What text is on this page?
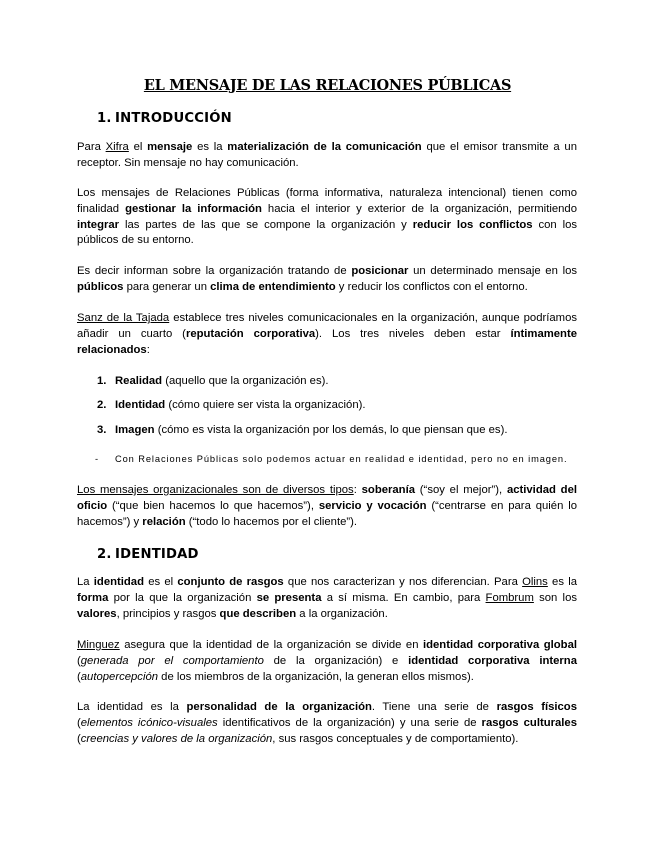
EL MENSAJE DE LAS RELACIONES PÚBLICAS
1. INTRODUCCIÓN

Para Xifra el mensaje es la materialización de la comunicación que el emisor transmite a un receptor. Sin mensaje no hay comunicación.

Los mensajes de Relaciones Públicas (forma informativa, naturaleza intencional) tienen como finalidad gestionar la información hacia el interior y exterior de la organización, permitiendo integrar las partes de las que se compone la organización y reducir los conflictos con los públicos de su entorno.

Es decir informan sobre la organización tratando de posicionar un determinado mensaje en los públicos para generar un clima de entendimiento y reducir los conflictos con el entorno.

Sanz de la Tajada establece tres niveles comunicacionales en la organización, aunque podríamos añadir un cuarto (reputación corporativa). Los tres niveles deben estar íntimamente relacionados:

1. Realidad (aquello que la organización es).
2. Identidad (cómo quiere ser vista la organización).
3. Imagen (cómo es vista la organización por los demás, lo que piensan que es).

- Con Relaciones Públicas solo podemos actuar en realidad e identidad, pero no en imagen.

Los mensajes organizacionales son de diversos tipos: soberanía (“soy el mejor”), actividad del oficio (“que bien hacemos lo que hacemos”), servicio y vocación (“centrarse en para quién lo hacemos”) y relación (“todo lo hacemos por el cliente”).

2. IDENTIDAD

La identidad es el conjunto de rasgos que nos caracterizan y nos diferencian. Para Olins es la forma por la que la organización se presenta a sí misma. En cambio, para Fombrum son los valores, principios y rasgos que describen a la organización.

Minguez asegura que la identidad de la organización se divide en identidad corporativa global (generada por el comportamiento de la organización) e identidad corporativa interna (autopercepción de los miembros de la organización, la generan ellos mismos).

La identidad es la personalidad de la organización. Tiene una serie de rasgos físicos (elementos icónico-visuales identificativos de la organización) y una serie de rasgos culturales (creencias y valores de la organización, sus rasgos conceptuales y de comportamiento).
